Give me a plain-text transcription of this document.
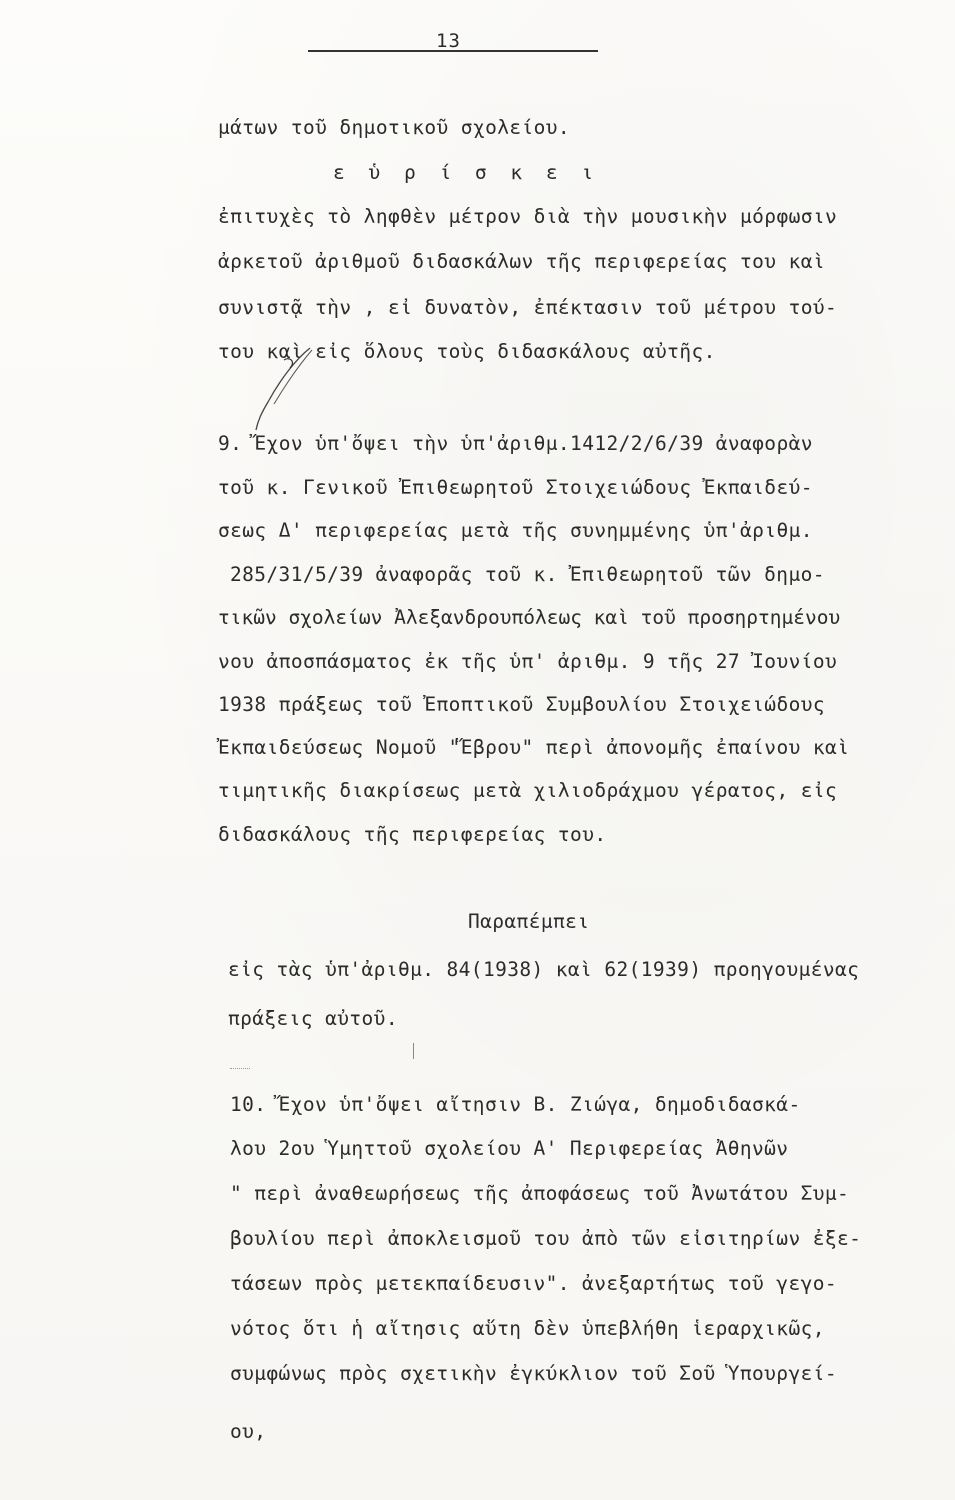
13
μάτων τοῦ δημοτικοῦ σχολείου.
ε ὑ ρ ί σ κ ε ι
ἐπιτυχὲς τὸ ληφθὲν μέτρον διὰ τὴν μουσικὴν μόρφωσιν
ἀρκετοῦ ἀριθμοῦ διδασκάλων τῆς περιφερείας του καὶ
συνιστᾷ τὴν , εἰ δυνατὸν, ἐπέκτασιν τοῦ μέτρου τού-
του καὶ εἰς ὅλους τοὺς διδασκάλους αὐτῆς.
9. Ἔχον ὑπ'ὄψει τὴν ὑπ'ἀριθμ.1412/2/6/39 ἀναφορὰν
τοῦ κ. Γενικοῦ Ἐπιθεωρητοῦ Στοιχειώδους Ἐκπαιδεύ-
σεως Δ' περιφερείας μετὰ τῆς συνημμένης ὑπ'ἀριθμ.
285/31/5/39 ἀναφορᾶς τοῦ κ. Ἐπιθεωρητοῦ τῶν δημο-
τικῶν σχολείων Ἀλεξανδρουπόλεως καὶ τοῦ προσηρτημένου
νου ἀποσπάσματος ἐκ τῆς ὑπ' ἀριθμ. 9 τῆς 27 Ἰουνίου
1938 πράξεως τοῦ Ἐποπτικοῦ Συμβουλίου Στοιχειώδους
Ἐκπαιδεύσεως Νομοῦ "Ἕβρου" περὶ ἀπονομῆς ἐπαίνου καὶ
τιμητικῆς διακρίσεως μετὰ χιλιοδράχμου γέρατος, εἰς
διδασκάλους τῆς περιφερείας του.
Παραπέμπει
εἰς τὰς ὑπ'ἀριθμ. 84(1938) καὶ 62(1939) προηγουμένας
πράξεις αὐτοῦ.
10. Ἔχον ὑπ'ὄψει αἴτησιν Β. Ζιώγα, δημοδιδασκά-
λου 2ου Ὑμηττοῦ σχολείου Α' Περιφερείας Ἀθηνῶν
" περὶ ἀναθεωρήσεως τῆς ἀποφάσεως τοῦ Ἀνωτάτου Συμ-
βουλίου περὶ ἀποκλεισμοῦ του ἀπὸ τῶν εἰσιτηρίων ἐξε-
τάσεων πρὸς μετεκπαίδευσιν". ἀνεξαρτήτως τοῦ γεγο-
νότος ὅτι ἡ αἴτησις αὕτη δὲν ὑπεβλήθη ἱεραρχικῶς,
συμφώνως πρὸς σχετικὴν ἐγκύκλιον τοῦ Σοῦ Ὑπουργεί-
ου,
